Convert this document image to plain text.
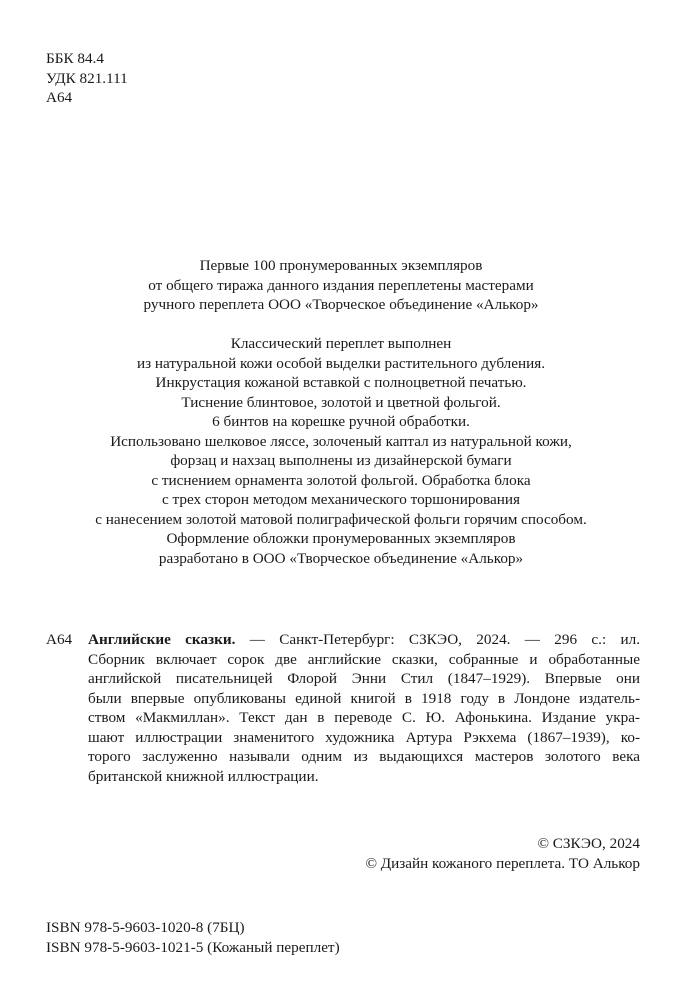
ББК 84.4
УДК 821.111
А64
Первые 100 пронумерованных экземпляров
от общего тиража данного издания переплетены мастерами
ручного переплета ООО «Творческое объединение «Алькор»
Классический переплет выполнен
из натуральной кожи особой выделки растительного дубления.
Инкрустация кожаной вставкой с полноцветной печатью.
Тиснение блинтовое, золотой и цветной фольгой.
6 бинтов на корешке ручной обработки.
Использовано шелковое ляссе, золоченый каптал из натуральной кожи,
форзац и нахзац выполнены из дизайнерской бумаги
с тиснением орнамента золотой фольгой. Обработка блока
с трех сторон методом механического торшонирования
с нанесением золотой матовой полиграфической фольги горячим способом.
Оформление обложки пронумерованных экземпляров
разработано в ООО «Творческое объединение «Алькор»
А64 Английские сказки. — Санкт-Петербург: СЗКЭО, 2024. — 296 с.: ил.
Сборник включает сорок две английские сказки, собранные и обработанные
английской писательницей Флорой Энни Стил (1847–1929). Впервые они
были впервые опубликованы единой книгой в 1918 году в Лондоне издатель-
ством «Макмиллан». Текст дан в переводе С. Ю. Афонькина. Издание укра-
шают иллюстрации знаменитого художника Артура Рэкхема (1867–1939), ко-
торого заслуженно называли одним из выдающихся мастеров золотого века
британской книжной иллюстрации.
© СЗКЭО, 2024
© Дизайн кожаного переплета. ТО Алькор
ISBN 978-5-9603-1020-8 (7БЦ)
ISBN 978-5-9603-1021-5 (Кожаный переплет)
